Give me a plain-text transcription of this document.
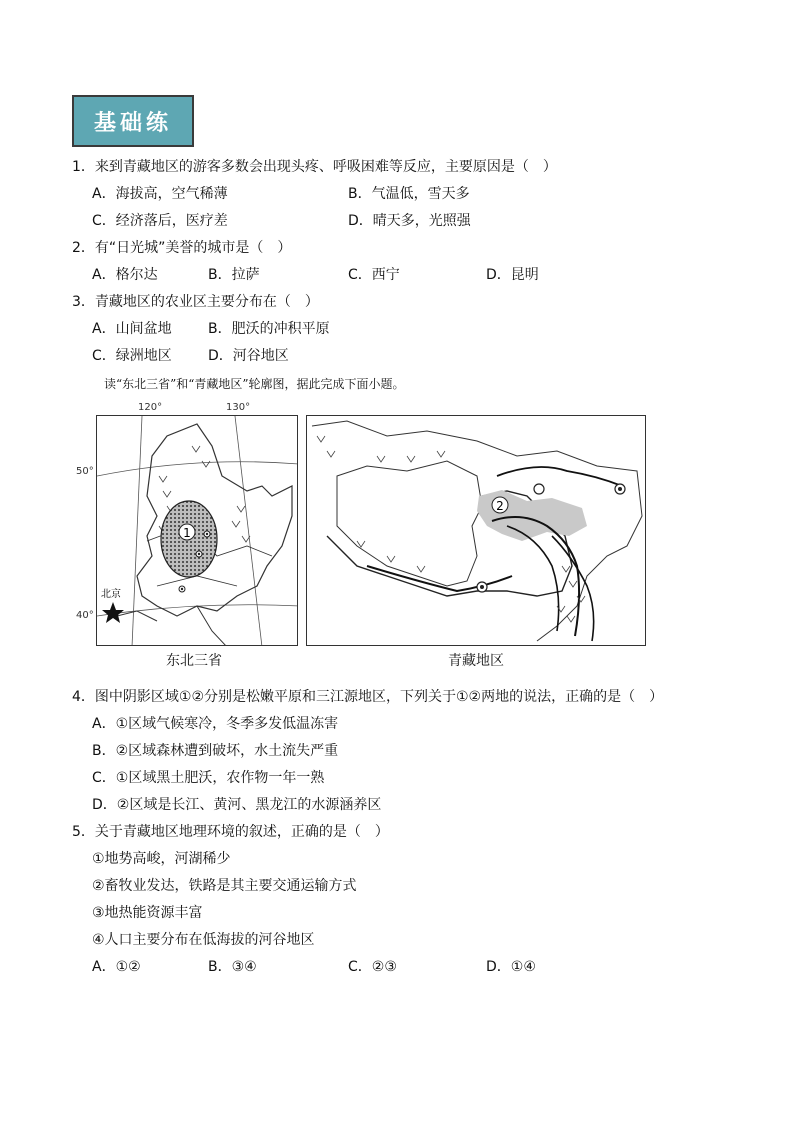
基础练
1．来到青藏地区的游客多数会出现头疼、呼吸困难等反应，主要原因是（　）
A．海拔高，空气稀薄	B．气温低，雪天多
C．经济落后，医疗差	D．晴天多，光照强
2．有“日光城”美誉的城市是（　）
A．格尔达	B．拉萨	C．西宁	D．昆明
3．青藏地区的农业区主要分布在（　）
A．山间盆地	B．肥沃的冲积平原
C．绿洲地区	D．河谷地区
读“东北三省”和“青藏地区”轮廓图，据此完成下面小题。
120°	130°
50°
40°
1
北京
东北三省
2
青藏地区
4．图中阴影区域①②分别是松嫩平原和三江源地区，下列关于①②两地的说法，正确的是（　）
A．①区域气候寒冷，冬季多发低温冻害
B．②区域森林遭到破坏，水土流失严重
C．①区域黑土肥沃，农作物一年一熟
D．②区域是长江、黄河、黑龙江的水源涵养区
5．关于青藏地区地理环境的叙述，正确的是（　）
①地势高峻，河湖稀少
②畜牧业发达，铁路是其主要交通运输方式
③地热能资源丰富
④人口主要分布在低海拔的河谷地区
A．①②	B．③④	C．②③	D．①④
